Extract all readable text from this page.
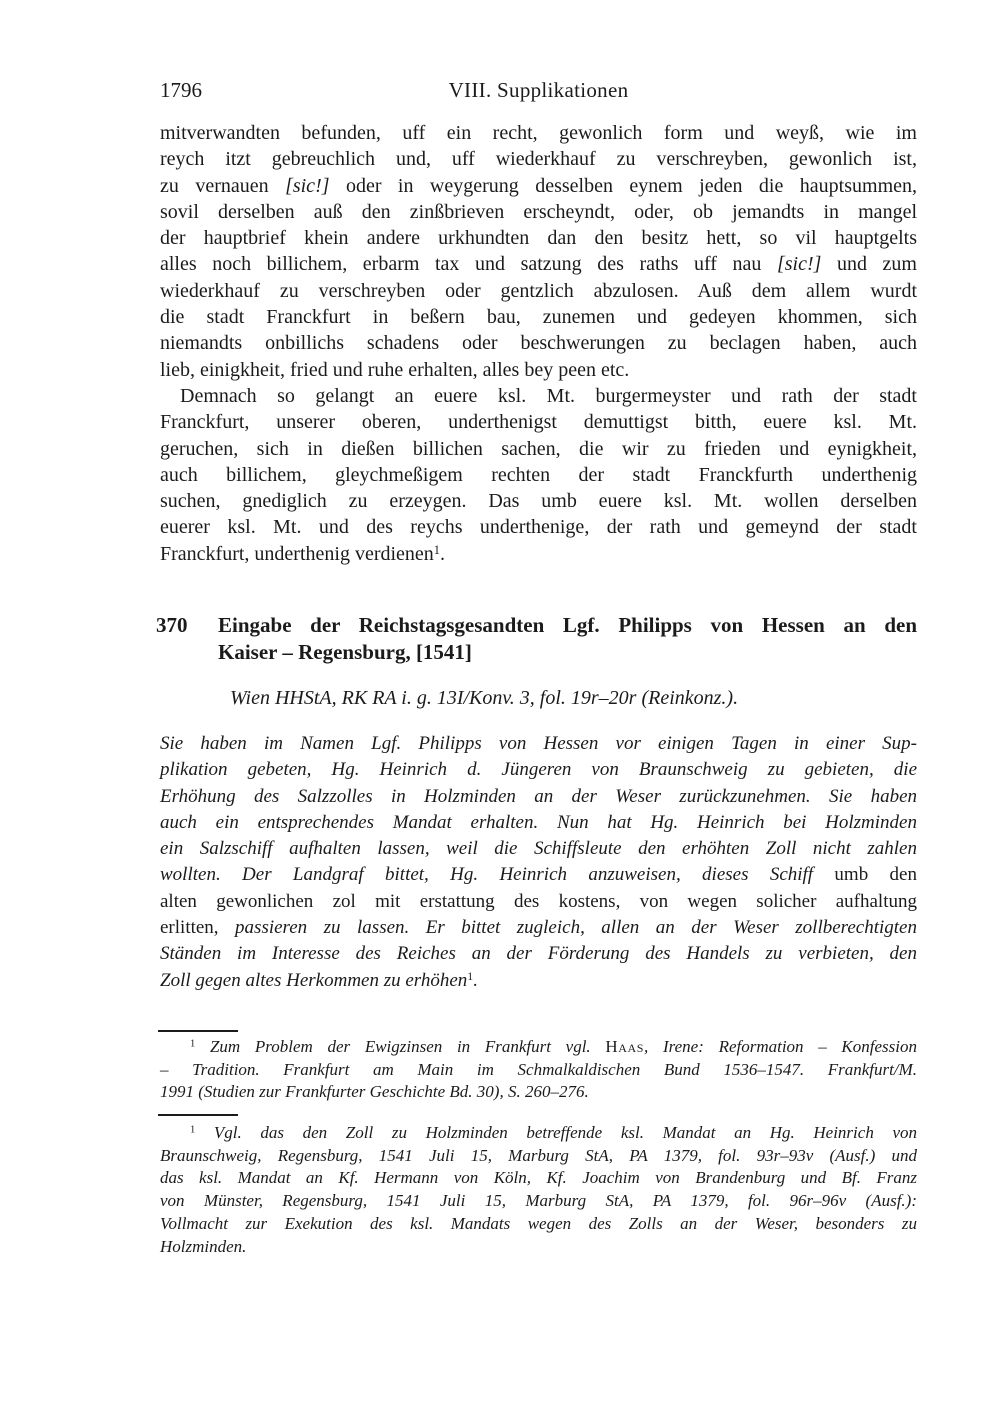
1796	VIII. Supplikationen
mitverwandten befunden, uff ein recht, gewonlich form und weyß, wie im
reych itzt gebreuchlich und, uff wiederkhauf zu verschreyben, gewonlich ist,
zu vernauen [sic!] oder in weygerung desselben eynem jeden die hauptsummen,
sovil derselben auß den zinßbrieven erscheyndt, oder, ob jemandts in mangel
der hauptbrief khein andere urkhundten dan den besitz hett, so vil hauptgelts
alles noch billichem, erbarm tax und satzung des raths uff nau [sic!] und zum
wiederkhauf zu verschreyben oder gentzlich abzulosen. Auß dem allem wurdt
die stadt Franckfurt in beßern bau, zunemen und gedeyen khommen, sich
niemandts onbillichs schadens oder beschwerungen zu beclagen haben, auch
lieb, einigkheit, fried und ruhe erhalten, alles bey peen etc.
Demnach so gelangt an euere ksl. Mt. burgermeyster und rath der stadt
Franckfurt, unserer oberen, underthenigst demuttigst bitth, euere ksl. Mt.
geruchen, sich in dießen billichen sachen, die wir zu frieden und eynigkheit,
auch billichem, gleychmeßigem rechten der stadt Franckfurth underthenig
suchen, gnediglich zu erzeygen. Das umb euere ksl. Mt. wollen derselben
euerer ksl. Mt. und des reychs underthenige, der rath und gemeynd der stadt
Franckfurt, underthenig verdienen$^1$.
370 Eingabe der Reichstagsgesandten Lgf. Philipps von Hessen an den
Kaiser – Regensburg, [1541]
Wien HHStA, RK RA i. g. 13I/Konv. 3, fol. 19r–20r (Reinkonz.).
Sie haben im Namen Lgf. Philipps von Hessen vor einigen Tagen in einer Sup-
plikation gebeten, Hg. Heinrich d. Jüngeren von Braunschweig zu gebieten, die
Erhöhung des Salzzolles in Holzminden an der Weser zurückzunehmen. Sie haben
auch ein entsprechendes Mandat erhalten. Nun hat Hg. Heinrich bei Holzminden
ein Salzschiff aufhalten lassen, weil die Schiffsleute den erhöhten Zoll nicht zahlen
wollten. Der Landgraf bittet, Hg. Heinrich anzuweisen, dieses Schiff umb den
alten gewonlichen zol mit erstattung des kostens, von wegen solicher aufhaltung
erlitten, passieren zu lassen. Er bittet zugleich, allen an der Weser zollberechtigten
Ständen im Interesse des Reiches an der Förderung des Handels zu verbieten, den
Zoll gegen altes Herkommen zu erhöhen$^1$.
$^1$ Zum Problem der Ewigzinsen in Frankfurt vgl. Haas, Irene: Reformation – Konfession
– Tradition. Frankfurt am Main im Schmalkaldischen Bund 1536–1547. Frankfurt/M.
1991 (Studien zur Frankfurter Geschichte Bd. 30), S. 260–276.
$^1$ Vgl. das den Zoll zu Holzminden betreffende ksl. Mandat an Hg. Heinrich von
Braunschweig, Regensburg, 1541 Juli 15, Marburg StA, PA 1379, fol. 93r–93v (Ausf.) und
das ksl. Mandat an Kf. Hermann von Köln, Kf. Joachim von Brandenburg und Bf. Franz
von Münster, Regensburg, 1541 Juli 15, Marburg StA, PA 1379, fol. 96r–96v (Ausf.):
Vollmacht zur Exekution des ksl. Mandats wegen des Zolls an der Weser, besonders zu
Holzminden.
